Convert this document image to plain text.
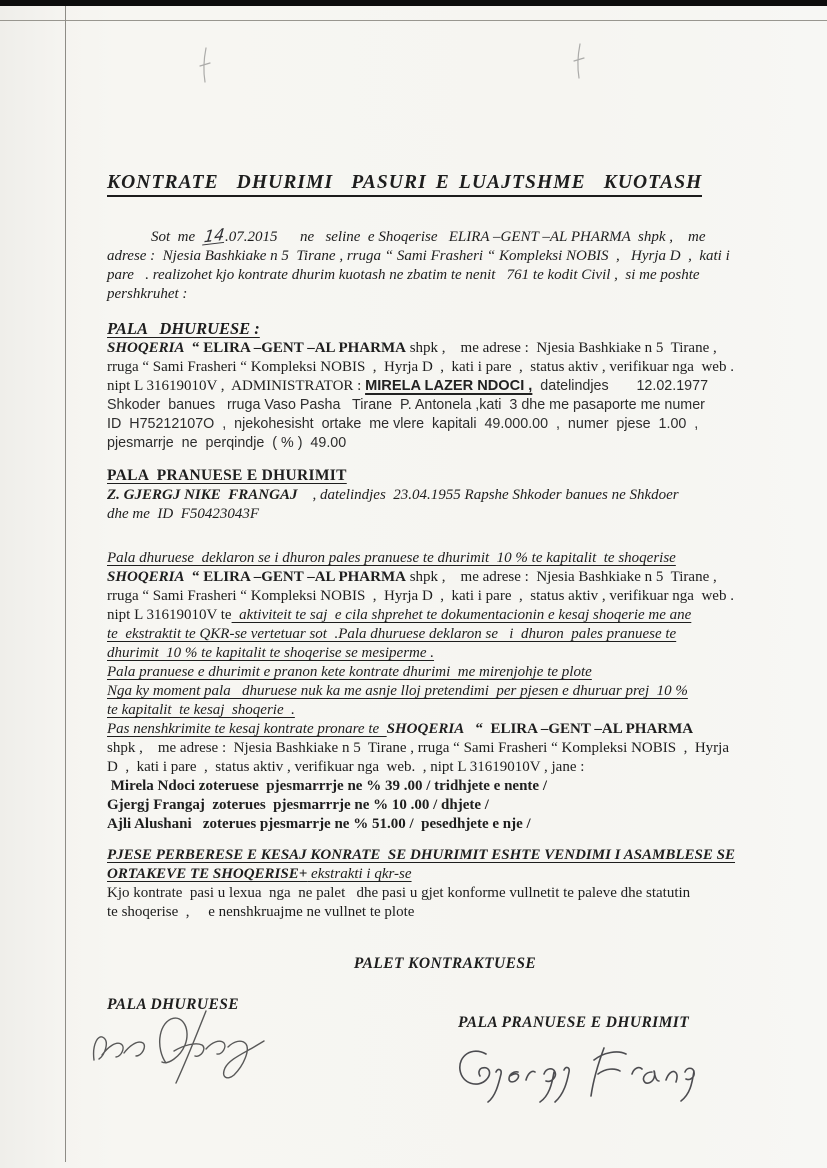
KONTRATE  DHURIMI  PASURI E LUAJTSHME  KUOTASH
Sot  me  14.07.2015      ne   seline  e Shoqerise   ELIRA –GENT –AL PHARMA  shpk ,    me
adrese :  Njesia Bashkiake n 5  Tirane , rruga “ Sami Frasheri “ Kompleksi NOBIS  ,   Hyrja D  ,  kati i
pare   . realizohet kjo kontrate dhurim kuotash ne zbatim te nenit   761 te kodit Civil ,  si me poshte
pershkruhet :
PALA   DHURUESE :
SHOQERIA  “ ELIRA –GENT –AL PHARMA shpk ,    me adrese :  Njesia Bashkiake n 5  Tirane ,
rruga “ Sami Frasheri “ Kompleksi NOBIS  ,  Hyrja D  ,  kati i pare  ,  status aktiv , verifikuar nga  web .
nipt L 31619010V ,  ADMINISTRATOR : MIRELA LAZER NDOCI ,  datelindjes       12.02.1977
Shkoder  banues   rruga Vaso Pasha   Tirane  P. Antonela ,kati  3 dhe me pasaporte me numer
ID  H75212107O  ,  njekohesisht  ortake  me vlere  kapitali  49.000.00  ,  numer  pjese  1.00  ,
pjesmarrje  ne  perqindje  ( % )  49.00
PALA  PRANUESE E DHURIMIT
Z. GJERGJ NIKE  FRANGAJ    , datelindjes  23.04.1955 Rapshe Shkoder banues ne Shkdoer
dhe me  ID  F50423043F
Pala dhuruese  deklaron se i dhuron pales pranuese te dhurimit  10 % te kapitalit  te shoqerise
SHOQERIA  “ ELIRA –GENT –AL PHARMA shpk ,    me adrese :  Njesia Bashkiake n 5  Tirane ,
rruga “ Sami Frasheri “ Kompleksi NOBIS  ,  Hyrja D  ,  kati i pare  ,  status aktiv , verifikuar nga  web .
nipt L 31619010V te  aktiviteit te saj  e cila shprehet te dokumentacionin e kesaj shoqerie me ane
te  ekstraktit te QKR-se vertetuar sot  .Pala dhuruese deklaron se   i  dhuron  pales pranuese te
dhurimit  10 % te kapitalit te shoqerise se mesiperme .
Pala pranuese e dhurimit e pranon kete kontrate dhurimi  me mirenjohje te plote
Nga ky moment pala   dhuruese nuk ka me asnje lloj pretendimi  per pjesen e dhuruar prej  10 %
te kapitalit  te kesaj  shoqerie  .
Pas nenshkrimite te kesaj kontrate pronare te  SHOQERIA   “  ELIRA –GENT –AL PHARMA
shpk ,    me adrese :  Njesia Bashkiake n 5  Tirane , rruga “ Sami Frasheri “ Kompleksi NOBIS  ,  Hyrja
D  ,  kati i pare  ,  status aktiv , verifikuar nga  web.  , nipt L 31619010V , jane :
Mirela Ndoci zoteruese  pjesmarrrje ne % 39 .00 / tridhjete e nente /
Gjergj Frangaj  zoterues  pjesmarrrje ne % 10 .00 / dhjete /
Ajli Alushani   zoterues pjesmarrje ne % 51.00 /  pesedhjete e nje /
PJESE PERBERESE E KESAJ KONRATE  SE DHURIMIT ESHTE VENDIMI I ASAMBLESE SE
ORTAKEVE TE SHOQERISE+ ekstrakti i qkr-se
Kjo kontrate  pasi u lexua  nga  ne palet   dhe pasi u gjet konforme vullnetit te paleve dhe statutin
te shoqerise  ,     e nenshkruajme ne vullnet te plote
PALET KONTRAKTUESE
PALA DHURUESE
PALA PRANUESE E DHURIMIT
